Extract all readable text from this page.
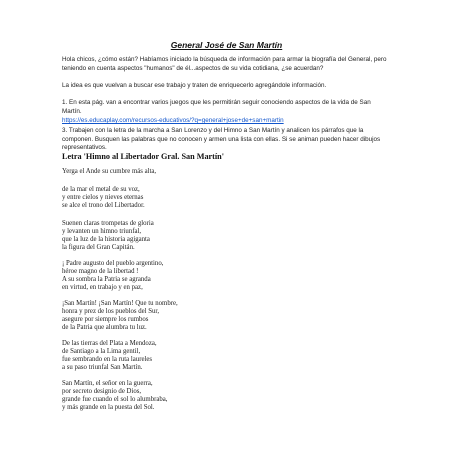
General José de San Martín

Hola chicos, ¿cómo están? Habíamos iniciado la búsqueda de información para armar la biografía del General, pero teniendo en cuenta aspectos "humanos" de él...aspectos de su vida cotidiana, ¿se acuerdan?

La idea es que vuelvan a buscar ese trabajo y traten de enriquecerlo agregándole información.

1. En esta pág. van a encontrar varios juegos que les permitirán seguir conociendo aspectos de la vida de San Martín.

https://es.educaplay.com/recursos-educativos/?q=general+jose+de+san+martin

3. Trabajen con la letra de la marcha a San Lorenzo y del Himno a San Martín y analicen los párrafos que la componen. Busquen las palabras que no conocen y armen una lista con ellas. Si se animan pueden hacer dibujos representativos.

Letra 'Himno al Libertador Gral. San Martín'
Yerga el Ande su cumbre más alta,
de la mar el metal de su voz,
y entre cielos y nieves eternas
se alce el trono del Libertador.
Suenen claras trompetas de gloria
y levanten un himno triunfal,
que la luz de la historia agiganta
la figura del Gran Capitán.
¡ Padre augusto del pueblo argentino,
héroe magno de la libertad !
A su sombra la Patria se agranda
en virtud, en trabajo y en paz,
¡San Martín! ¡San Martín! Que tu nombre,
honra y prez de los pueblos del Sur,
asegure por siempre los rumbos
de la Patria que alumbra tu luz.
De las tierras del Plata a Mendoza,
de Santiago a la Lima gentil,
fue sembrando en la ruta laureles
a su paso triunfal San Martín.
San Martín, el señor en la guerra,
por secreto designio de Dios,
grande fue cuando el sol lo alumbraba,
y más grande en la puesta del Sol.
